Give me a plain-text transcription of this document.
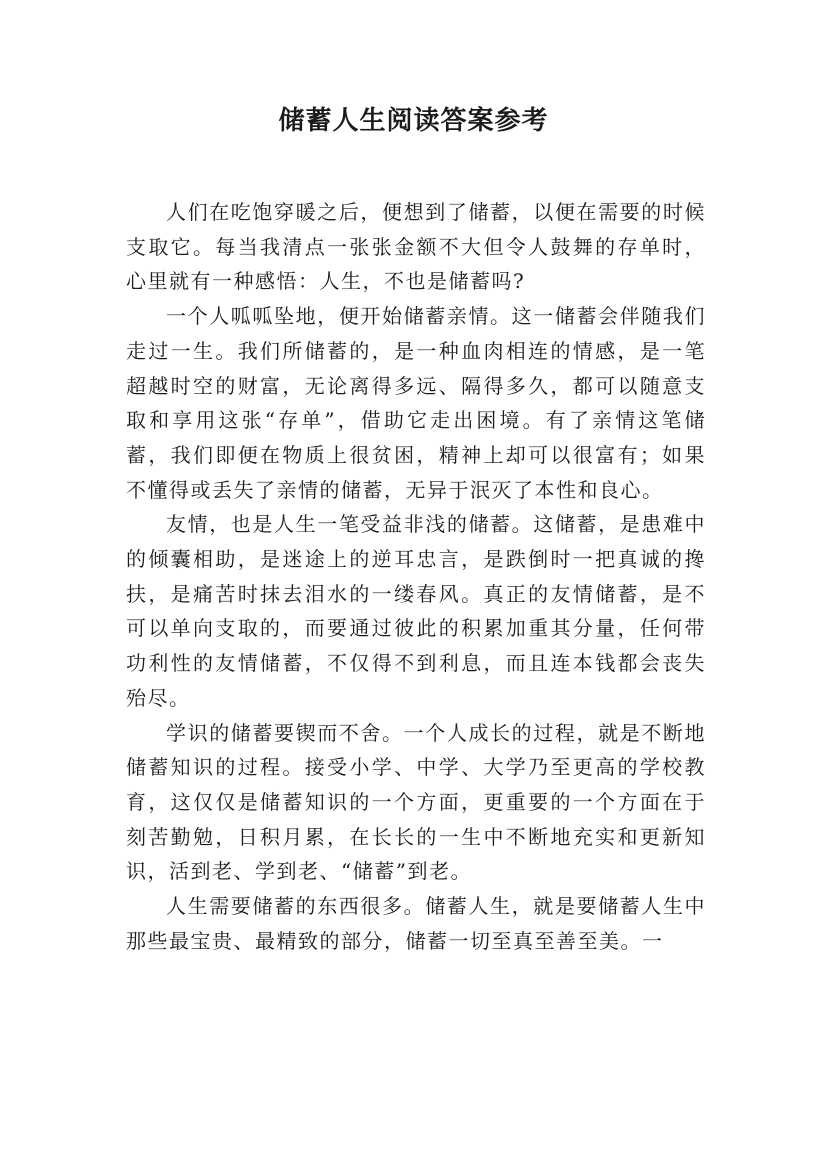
储蓄人生阅读答案参考

人们在吃饱穿暖之后，便想到了储蓄，以便在需要的时候支取它。每当我清点一张张金额不大但令人鼓舞的存单时，心里就有一种感悟：人生，不也是储蓄吗?

一个人呱呱坠地，便开始储蓄亲情。这一储蓄会伴随我们走过一生。我们所储蓄的，是一种血肉相连的情感，是一笔超越时空的财富，无论离得多远、隔得多久，都可以随意支取和享用这张“存单”，借助它走出困境。有了亲情这笔储蓄，我们即便在物质上很贫困，精神上却可以很富有；如果不懂得或丢失了亲情的储蓄，无异于泯灭了本性和良心。

友情，也是人生一笔受益非浅的储蓄。这储蓄，是患难中的倾囊相助，是迷途上的逆耳忠言，是跌倒时一把真诚的搀扶，是痛苦时抹去泪水的一缕春风。真正的友情储蓄，是不可以单向支取的，而要通过彼此的积累加重其分量，任何带功利性的友情储蓄，不仅得不到利息，而且连本钱都会丧失殆尽。

学识的储蓄要锲而不舍。一个人成长的过程，就是不断地储蓄知识的过程。接受小学、中学、大学乃至更高的学校教育，这仅仅是储蓄知识的一个方面，更重要的一个方面在于刻苦勤勉，日积月累，在长长的一生中不断地充实和更新知识，活到老、学到老、“储蓄”到老。

人生需要储蓄的东西很多。储蓄人生，就是要储蓄人生中那些最宝贵、最精致的部分，储蓄一切至真至善至美。一
